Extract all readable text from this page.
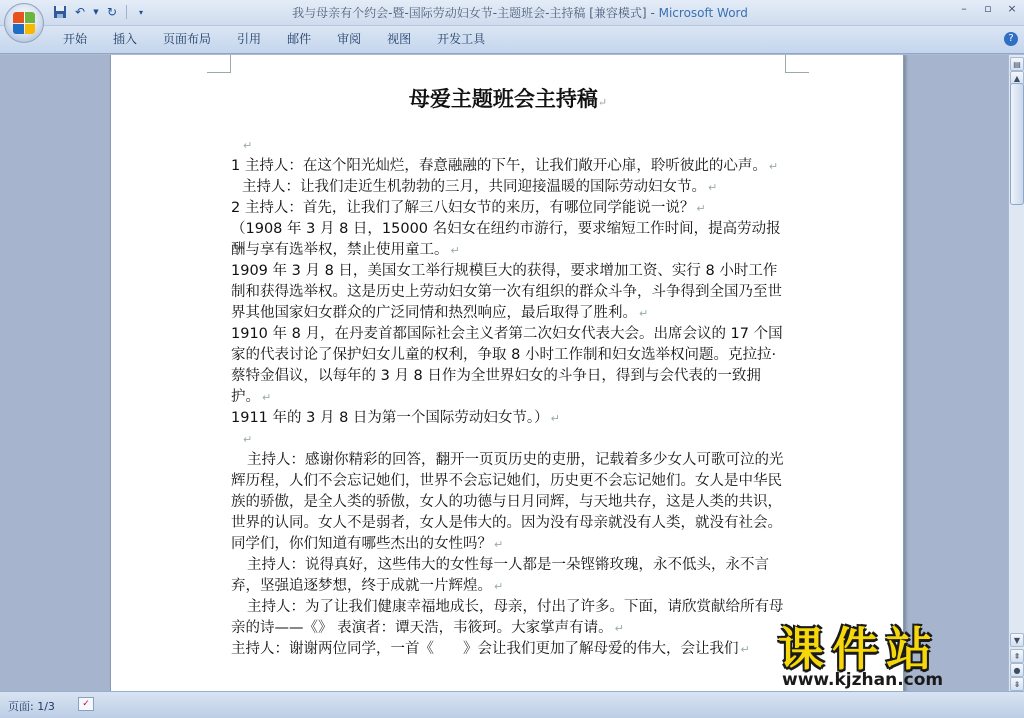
↶	▼ ↻	▾	我与母亲有个约会-暨-国际劳动妇女节-主题班会-主持稿 [兼容模式] - Microsoft Word	–	▫	×
开始	插入	页面布局	引用	邮件	审阅	视图	开发工具	?
母爱主题班会主持稿↵

↵

1 主持人：在这个阳光灿烂，春意融融的下午，让我们敞开心扉，聆听彼此的心声。 ↵

主持人：让我们走近生机勃勃的三月，共同迎接温暖的国际劳动妇女节。 ↵

2 主持人：首先，让我们了解三八妇女节的来历，有哪位同学能说一说？ ↵

（1908 年 3 月 8 日，15000 名妇女在纽约市游行，要求缩短工作时间，提高劳动报酬与享有选举权，禁止使用童工。 ↵

1909 年 3 月 8 日，美国女工举行规模巨大的获得，要求增加工资、实行 8 小时工作制和获得选举权。这是历史上劳动妇女第一次有组织的群众斗争，斗争得到全国乃至世界其他国家妇女群众的广泛同情和热烈响应，最后取得了胜利。 ↵

1910 年 8 月，在丹麦首都国际社会主义者第二次妇女代表大会。出席会议的 17 个国家的代表讨论了保护妇女儿童的权利，争取 8 小时工作制和妇女选举权问题。克拉拉·蔡特金倡议，以每年的 3 月 8 日作为全世界妇女的斗争日，得到与会代表的一致拥护。 ↵

1911 年的 3 月 8 日为第一个国际劳动妇女节。） ↵

↵

主持人：感谢你精彩的回答，翻开一页页历史的吏册，记载着多少女人可歌可泣的光辉历程，人们不会忘记她们，世界不会忘记她们，历史更不会忘记她们。女人是中华民族的骄傲，是全人类的骄傲，女人的功德与日月同辉，与天地共存，这是人类的共识，世界的认同。女人不是弱者，女人是伟大的。因为没有母亲就没有人类，就没有社会。同学们，你们知道有哪些杰出的女性吗？ ↵

主持人：说得真好，这些伟大的女性每一人都是一朵铿锵玫瑰，永不低头，永不言弃，坚强追逐梦想，终于成就一片辉煌。 ↵

主持人：为了让我们健康幸福地成长，母亲，付出了许多。下面，请欣赏献给所有母亲的诗——《》 表演者：谭天浩，韦筱珂。大家掌声有请。 ↵

主持人：谢谢两位同学，一首《　　》会让我们更加了解母爱的伟大，会让我们 ↵

▤
▲
▼
⇞
●
⇟
页面: 1/3	✓
课件站
www.kjzhan.com
